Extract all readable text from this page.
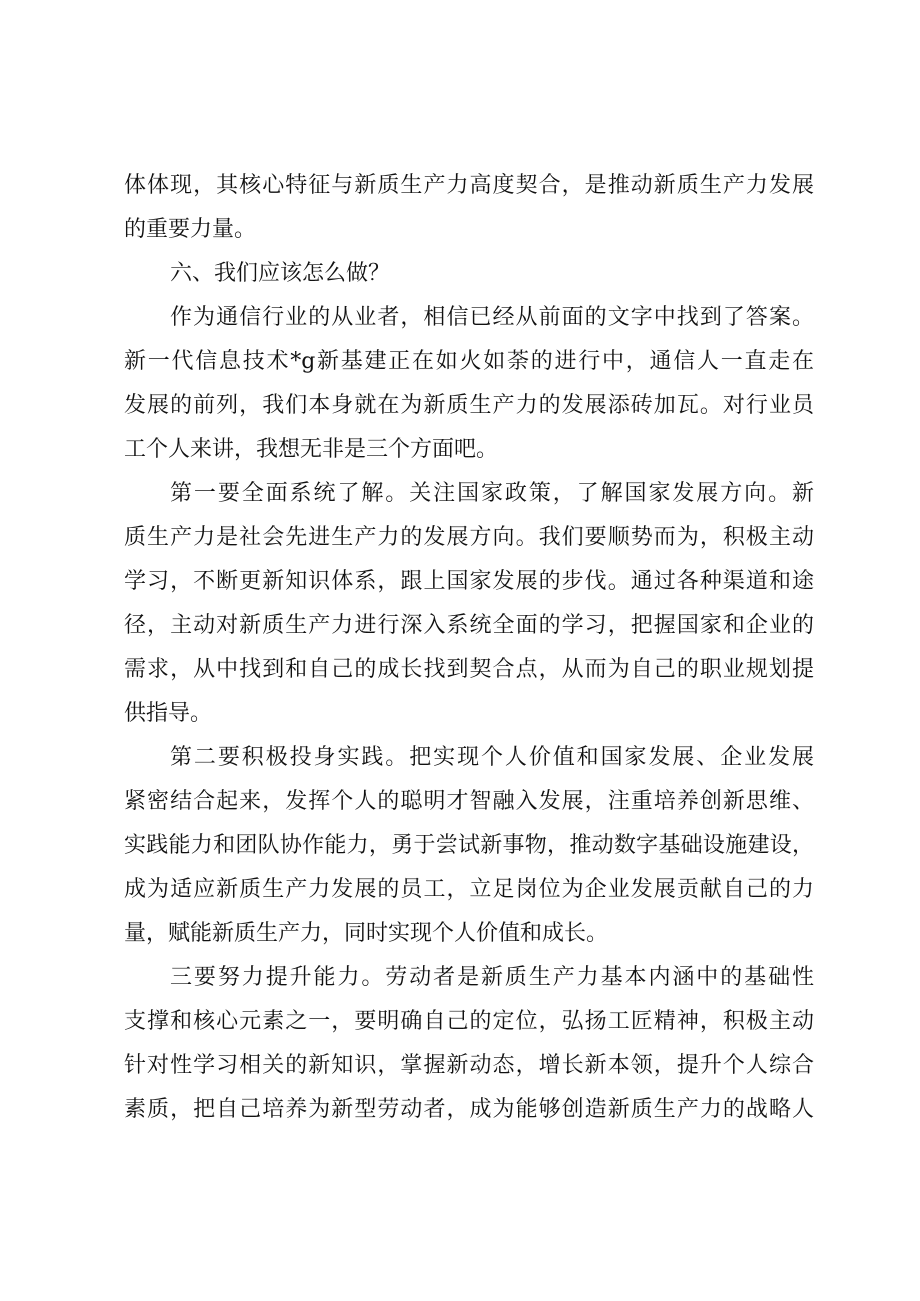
体体现，其核心特征与新质生产力高度契合，是推动新质生产力发展
的重要力量。
六、我们应该怎么做？
作为通信行业的从业者，相信已经从前面的文字中找到了答案。
新一代信息技术*g新基建正在如火如荼的进行中，通信人一直走在
发展的前列，我们本身就在为新质生产力的发展添砖加瓦。对行业员
工个人来讲，我想无非是三个方面吧。
第一要全面系统了解。关注国家政策，了解国家发展方向。新
质生产力是社会先进生产力的发展方向。我们要顺势而为，积极主动
学习，不断更新知识体系，跟上国家发展的步伐。通过各种渠道和途
径，主动对新质生产力进行深入系统全面的学习，把握国家和企业的
需求，从中找到和自己的成长找到契合点，从而为自己的职业规划提
供指导。
第二要积极投身实践。把实现个人价值和国家发展、企业发展
紧密结合起来，发挥个人的聪明才智融入发展，注重培养创新思维、
实践能力和团队协作能力，勇于尝试新事物，推动数字基础设施建设，
成为适应新质生产力发展的员工，立足岗位为企业发展贡献自己的力
量，赋能新质生产力，同时实现个人价值和成长。
三要努力提升能力。劳动者是新质生产力基本内涵中的基础性
支撑和核心元素之一，要明确自己的定位，弘扬工匠精神，积极主动
针对性学习相关的新知识，掌握新动态，增长新本领，提升个人综合
素质，把自己培养为新型劳动者，成为能够创造新质生产力的战略人
